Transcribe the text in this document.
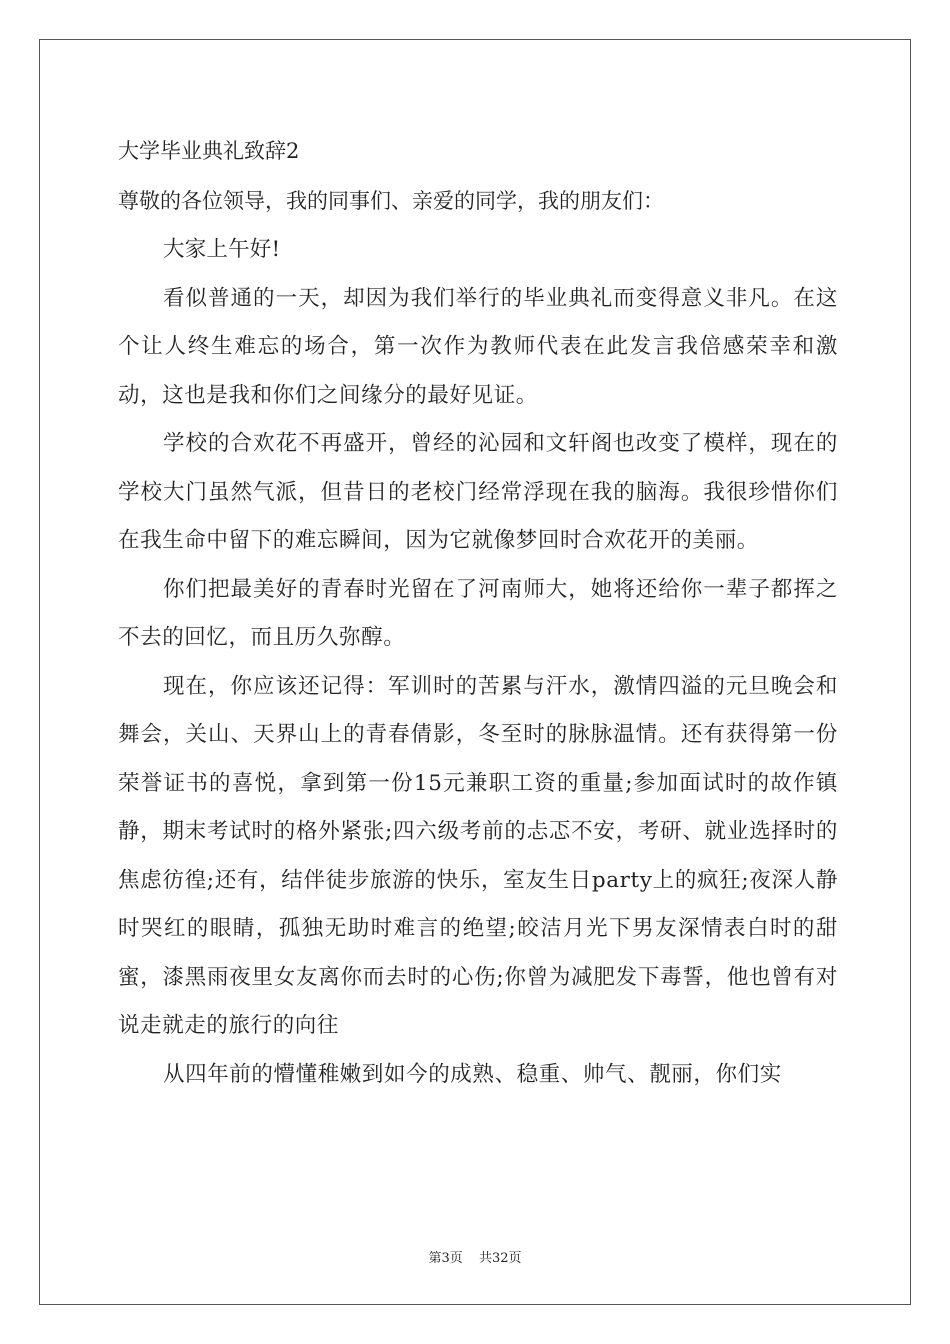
大学毕业典礼致辞2

尊敬的各位领导，我的同事们、亲爱的同学，我的朋友们：

大家上午好!

看似普通的一天，却因为我们举行的毕业典礼而变得意义非凡。在这个让人终生难忘的场合，第一次作为教师代表在此发言我倍感荣幸和激动，这也是我和你们之间缘分的最好见证。

学校的合欢花不再盛开，曾经的沁园和文轩阁也改变了模样，现在的学校大门虽然气派，但昔日的老校门经常浮现在我的脑海。我很珍惜你们在我生命中留下的难忘瞬间，因为它就像梦回时合欢花开的美丽。

你们把最美好的青春时光留在了河南师大，她将还给你一辈子都挥之不去的回忆，而且历久弥醇。

现在，你应该还记得：军训时的苦累与汗水，激情四溢的元旦晚会和舞会，关山、天界山上的青春倩影，冬至时的脉脉温情。还有获得第一份荣誉证书的喜悦，拿到第一份15元兼职工资的重量;参加面试时的故作镇静，期末考试时的格外紧张;四六级考前的忐忑不安，考研、就业选择时的焦虑彷徨;还有，结伴徒步旅游的快乐，室友生日party上的疯狂;夜深人静时哭红的眼睛，孤独无助时难言的绝望;皎洁月光下男友深情表白时的甜蜜，漆黑雨夜里女友离你而去时的心伤;你曾为减肥发下毒誓，他也曾有对说走就走的旅行的向往

从四年前的懵懂稚嫩到如今的成熟、稳重、帅气、靓丽，你们实

第3页 共32页
